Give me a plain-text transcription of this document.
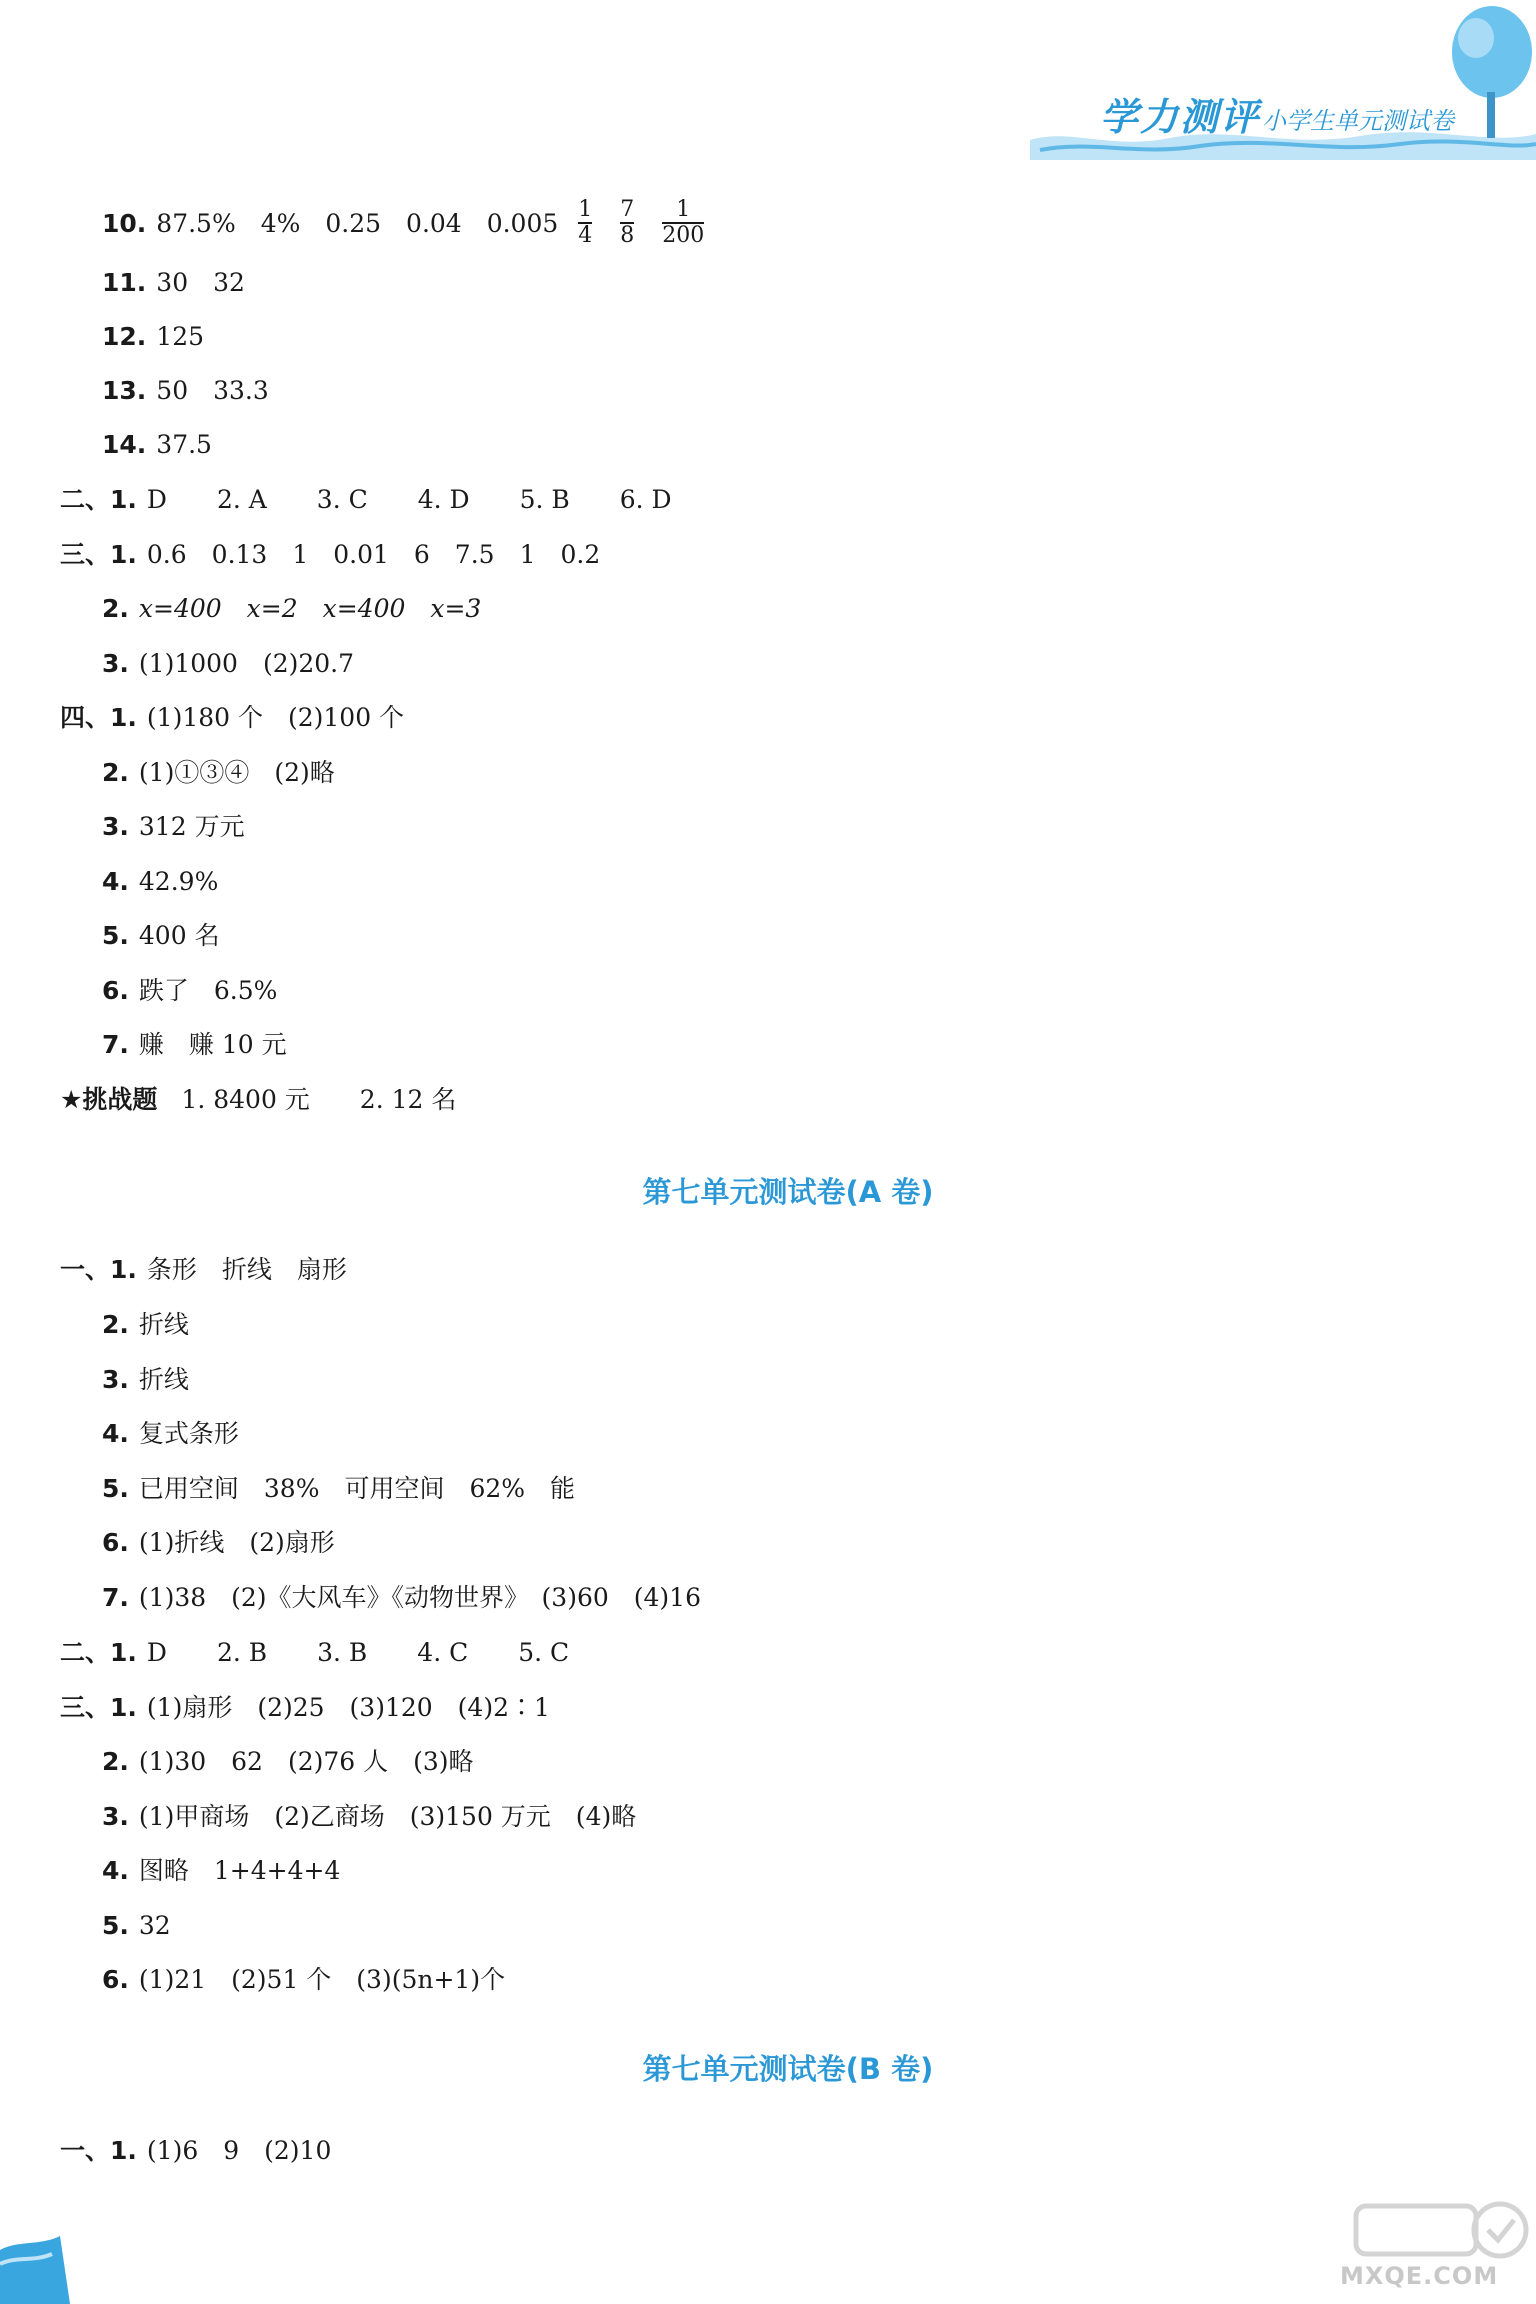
学力测评 小学生单元测试卷
10. 87.5%　4%　0.25　0.04　$0.005 \frac{1}{4} \frac{7}{8} \frac{1}{200}$
11. 30　32
12. 125
13. 50　33.3
14. 37.5
二、1. D　　2. A　　3. C　　4. D　　5. B　　6. D
三、1. 0.6　0.13　1　0.01　6　7.5　1　0.2
2. x=400　x=2　x=400　x=3
3. (1)1000　(2)20.7
四、1. (1)180 个　(2)100 个
2. (1)①③④　(2)略
3. 312 万元
4. 42.9%
5. 400 名
6. 跌了　6.5%
7. 赚　赚 10 元
★挑战题 1. 8400 元　　2. 12 名
第七单元测试卷(A 卷)
一、1. 条形　折线　扇形
2. 折线
3. 折线
4. 复式条形
5. 已用空间　38%　可用空间　62%　能
6. (1)折线　(2)扇形
7. (1)38　(2)《大风车》《动物世界》　(3)60　(4)16
二、1. D　　2. B　　3. B　　4. C　　5. C
三、1. (1)扇形　(2)25　(3)120　(4)2∶1
2. (1)30　62　(2)76 人　(3)略
3. (1)甲商场　(2)乙商场　(3)150 万元　(4)略
4. 图略　1+4+4+4
5. 32
6. (1)21　(2)51 个　(3)(5n+1)个
第七单元测试卷(B 卷)
一、1. (1)6　9　(2)10
MXQE.COM
